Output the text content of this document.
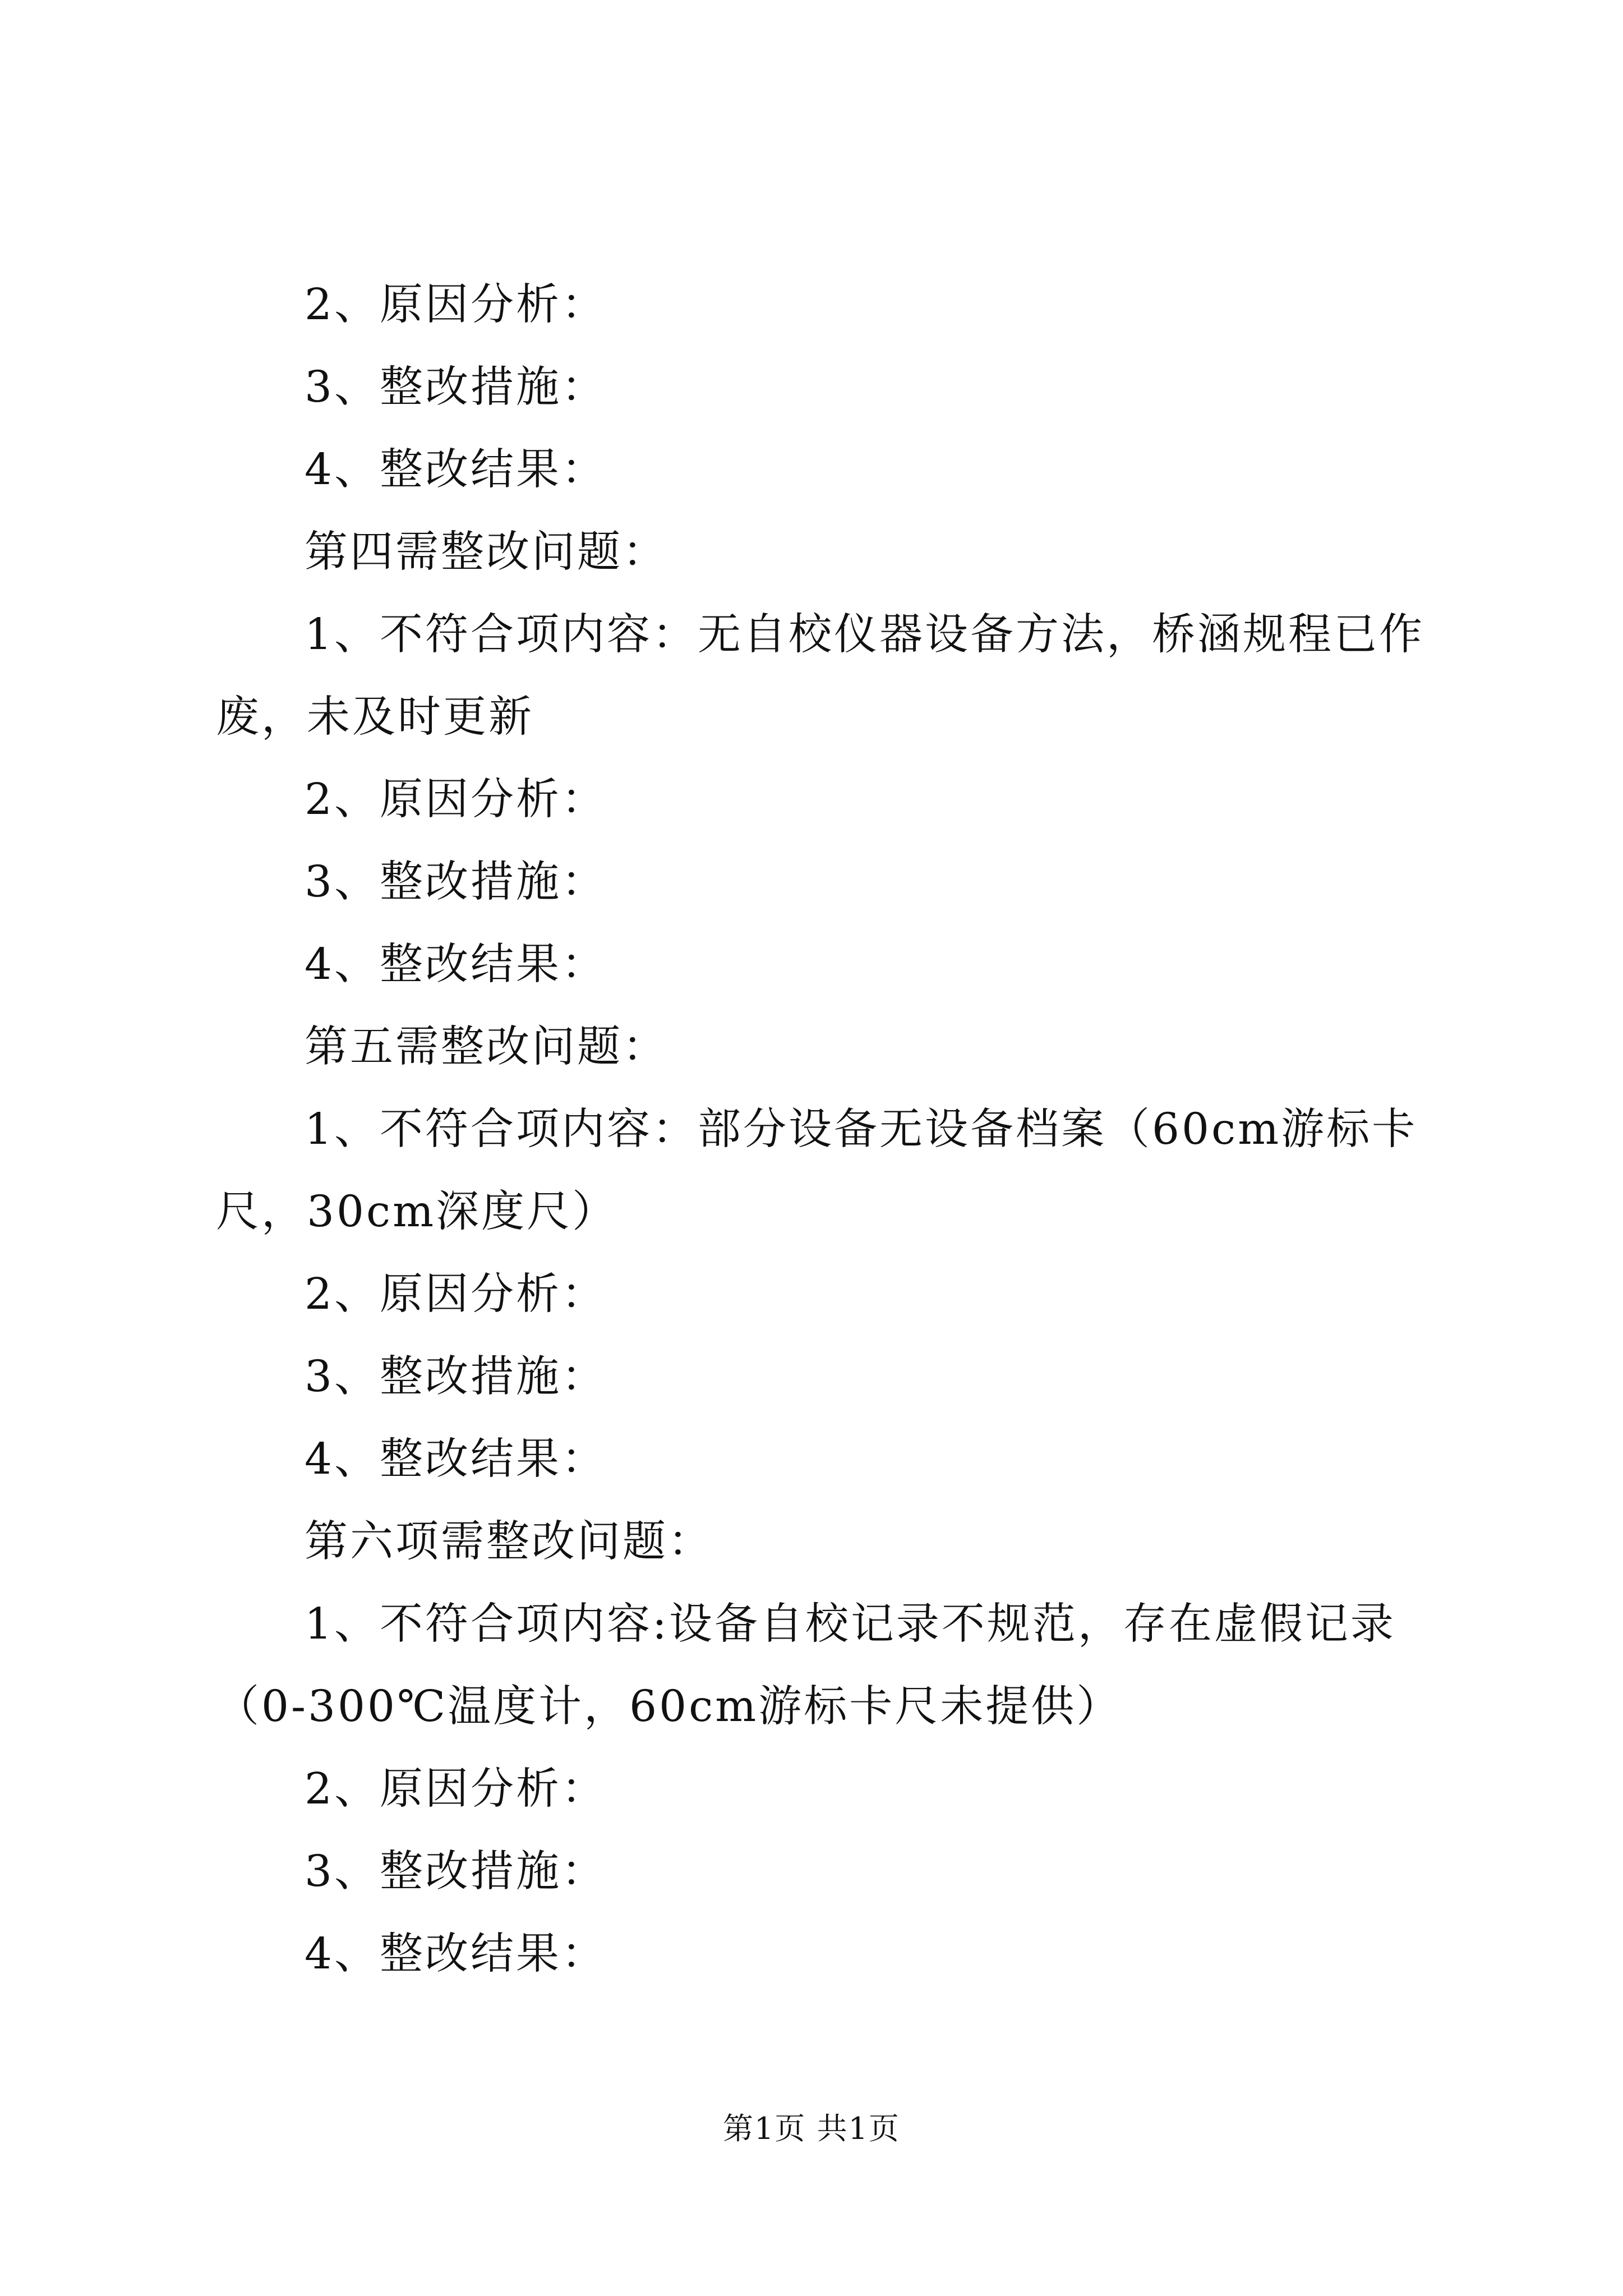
2、原因分析：

3、整改措施：

4、整改结果：

第四需整改问题：

1、不符合项内容：无自校仪器设备方法，桥涵规程已作废，未及时更新

2、原因分析：

3、整改措施：

4、整改结果：

第五需整改问题：

1、不符合项内容：部分设备无设备档案（60cm游标卡尺，30cm深度尺）

2、原因分析：

3、整改措施：

4、整改结果：

第六项需整改问题：

1、不符合项内容:设备自校记录不规范，存在虚假记录（0-300℃温度计，60cm游标卡尺未提供）

2、原因分析：

3、整改措施：

4、整改结果：

第1页 共1页
